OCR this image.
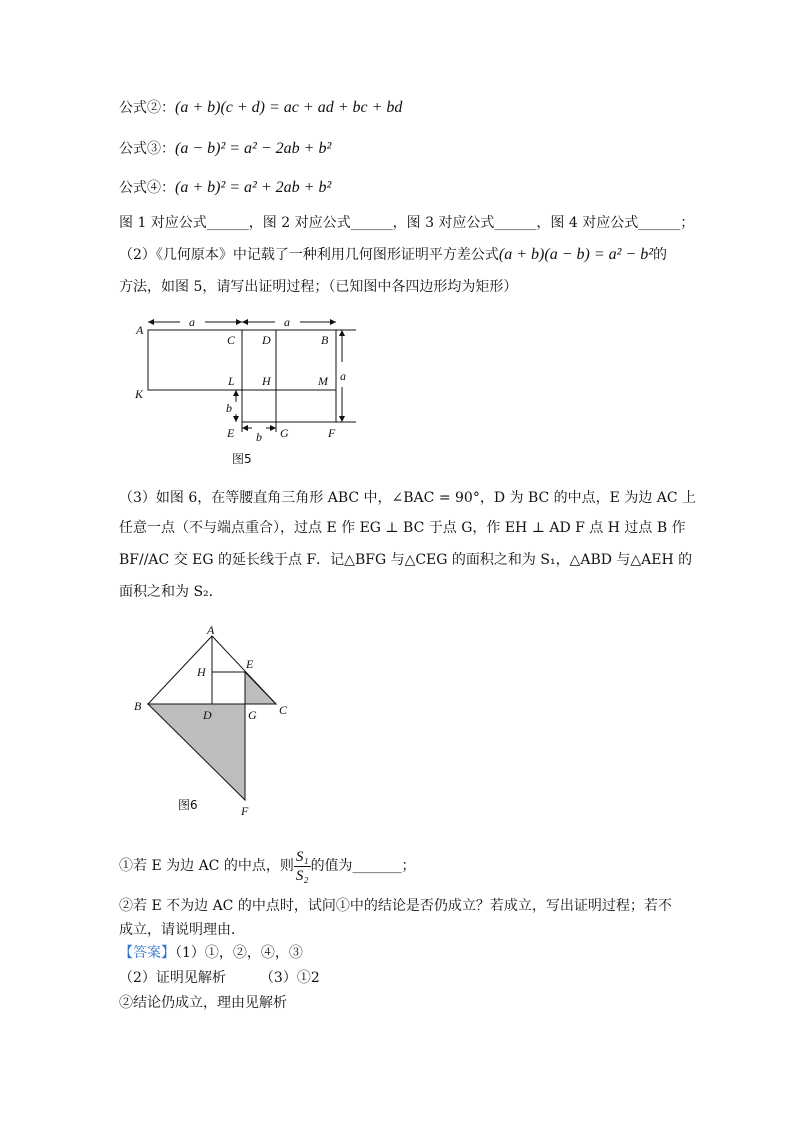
公式②：(a + b)(c + d) = ac + ad + bc + bd
公式③：(a − b)² = a² − 2ab + b²
公式④：(a + b)² = a² + 2ab + b²
图 1 对应公式______，图 2 对应公式______，图 3 对应公式______，图 4 对应公式______；
（2）《几何原本》中记载了一种利用几何图形证明平方差公式(a + b)(a − b) = a² − b²的
方法，如图 5，请写出证明过程；（已知图中各四边形均为矩形）
A
C D	B
K
L H	M
E	G	F
a	a
a
b
b
图5
（3）如图 6，在等腰直角三角形 ABC 中，∠BAC = 90°，D 为 BC 的中点，E 为边 AC 上
任意一点（不与端点重合），过点 E 作 EG ⊥ BC 于点 G，作 EH ⊥ AD F 点 H 过点 B 作
BF//AC 交 EG 的延长线于点 F．记△BFG 与△CEG 的面积之和为 S₁，△ABD 与△AEH 的
面积之和为 S₂．
A
H
E
B
D	G C
F
图6
①若 E 为边 AC 的中点，则 $\frac{\text{S₁}}{\text{S₂}}$ 的值为_______；
②若 E 不为边 AC 的中点时，试问①中的结论是否仍成立？若成立，写出证明过程；若不
成立，请说明理由．
【答案】（1）①，②，④，③
（2）证明见解析 （3）①2
②结论仍成立，理由见解析
